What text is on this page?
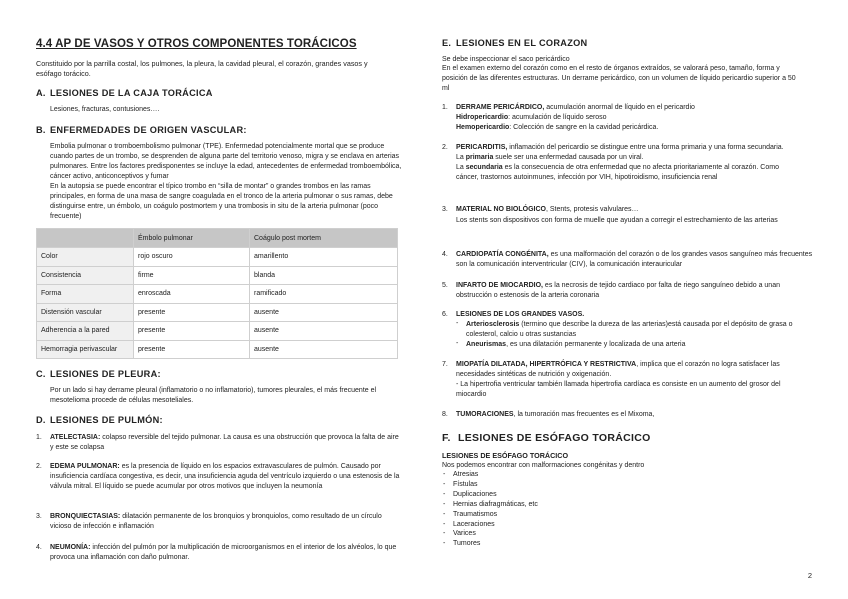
4.4 AP DE VASOS Y OTROS COMPONENTES TORÁCICOS
Constituido por la parrilla costal, los pulmones, la pleura, la cavidad pleural, el corazón, grandes vasos y esófago torácico.
A. LESIONES DE LA CAJA TORÁCICA
Lesiones, fracturas, contusiones….
B. ENFERMEDADES DE ORIGEN VASCULAR:
Embolia pulmonar o tromboembolismo pulmonar (TPE). Enfermedad potencialmente mortal que se produce cuando partes de un trombo, se desprenden de alguna parte del territorio venoso, migra y se enclava en arterias pulmonares. Entre los factores predisponentes se incluye la edad, antecedentes de enfermedad tromboembólica, cáncer activo, anticonceptivos y fumar
En la autopsia se puede encontrar el típico trombo en “silla de montar” o grandes trombos en las ramas principales, en forma de una masa de sangre coagulada en el tronco de la arteria pulmonar o sus ramas, debe distinguirse entre, un émbolo, un coágulo postmortem y una trombosis in situ de la arteria pulmonar (poco frecuente)
	Émbolo pulmonar	Coágulo post mortem
Color	rojo oscuro	amarillento
Consistencia	firme	blanda
Forma	enroscada	ramificado
Distensión vascular	presente	ausente
Adherencia a la pared	presente	ausente
Hemorragia perivascular	presente	ausente
C. LESIONES DE PLEURA:
Por un lado si hay derrame pleural (inflamatorio o no inflamatorio), tumores pleurales, el más frecuente el mesotelioma procede de células mesoteliales.
D. LESIONES DE PULMÓN:
1. ATELECTASIA: colapso reversible del tejido pulmonar. La causa es una obstrucción que provoca la falta de aire y este se colapsa
2. EDEMA PULMONAR: es la presencia de líquido en los espacios extravasculares de pulmón. Causado por insuficiencia cardíaca congestiva, es decir, una insuficiencia aguda del ventrículo izquierdo o una estenosis de la válvula mitral. El líquido se puede acumular por otros motivos que incluyen la neumonía
3. BRONQUIECTASIAS: dilatación permanente de los bronquios y bronquiolos, como resultado de un círculo vicioso de infección e inflamación
4. NEUMONÍA: infección del pulmón por la multiplicación de microorganismos en el interior de los alvéolos, lo que provoca una inflamación con daño pulmonar.
E. LESIONES EN EL CORAZON
Se debe inspeccionar el saco pericárdico
En el examen externo del corazón como en el resto de órganos extraídos, se valorará peso, tamaño, forma y posición de las diferentes estructuras. Un derrame pericárdico, con un volumen de líquido pericardio superior a 50 ml
1. DERRAME PERICÁRDICO, acumulación anormal de líquido en el pericardio
Hidropericardio: acumulación de líquido seroso
Hemopericardio: Colección de sangre en la cavidad pericárdica.
2. PERICARDITIS, inflamación del pericardio se distingue entre una forma primaria y una forma secundaria.
La primaria suele ser una enfermedad causada por un viral.
La secundaria es la consecuencia de otra enfermedad que no afecta prioritariamente al corazón. Como cáncer, trastornos autoinmunes, infección por VIH, hipotiroidismo, insuficiencia renal
3. MATERIAL NO BIOLÓGICO, Stents, protesis valvulares…
Los stents son dispositivos con forma de muelle que ayudan a corregir el estrechamiento de las arterias
4. CARDIOPATÍA CONGÉNITA, es una malformación del corazón o de los grandes vasos sanguíneo más frecuentes son la comunicación interventricular (CIV), la comunicación interauricular
5. INFARTO DE MIOCARDIO, es la necrosis de tejido cardiaco por falta de riego sanguíneo debido a unan obstrucción o estenosis de la arteria coronaria
6. LESIONES DE LOS GRANDES VASOS.
- Arteriosclerosis (termino que describe la dureza de las arterias)está causada por el depósito de grasa o colesterol, calcio u otras sustancias
- Aneurismas, es una dilatación permanente y localizada de una arteria
7. MIOPATÍA DILATADA, HIPERTRÓFICA Y RESTRICTIVA, implica que el corazón no logra satisfacer las necesidades sintéticas de nutrición y oxigenación.
- La hipertrofia ventricular también llamada hipertrofia cardíaca es consiste en un aumento del grosor del miocardio
8. TUMORACIONES, la tumoración mas frecuentes es el Mixoma,
F. LESIONES DE ESÓFAGO TORÁCICO
LESIONES DE ESÓFAGO TORÁCICO
Nos podemos encontrar con malformaciones congénitas y dentro
- Atresias
- Fístulas
- Duplicaciones
- Hernias diafragmáticas, etc
- Traumatismos
- Laceraciones
- Varices
- Tumores
2
